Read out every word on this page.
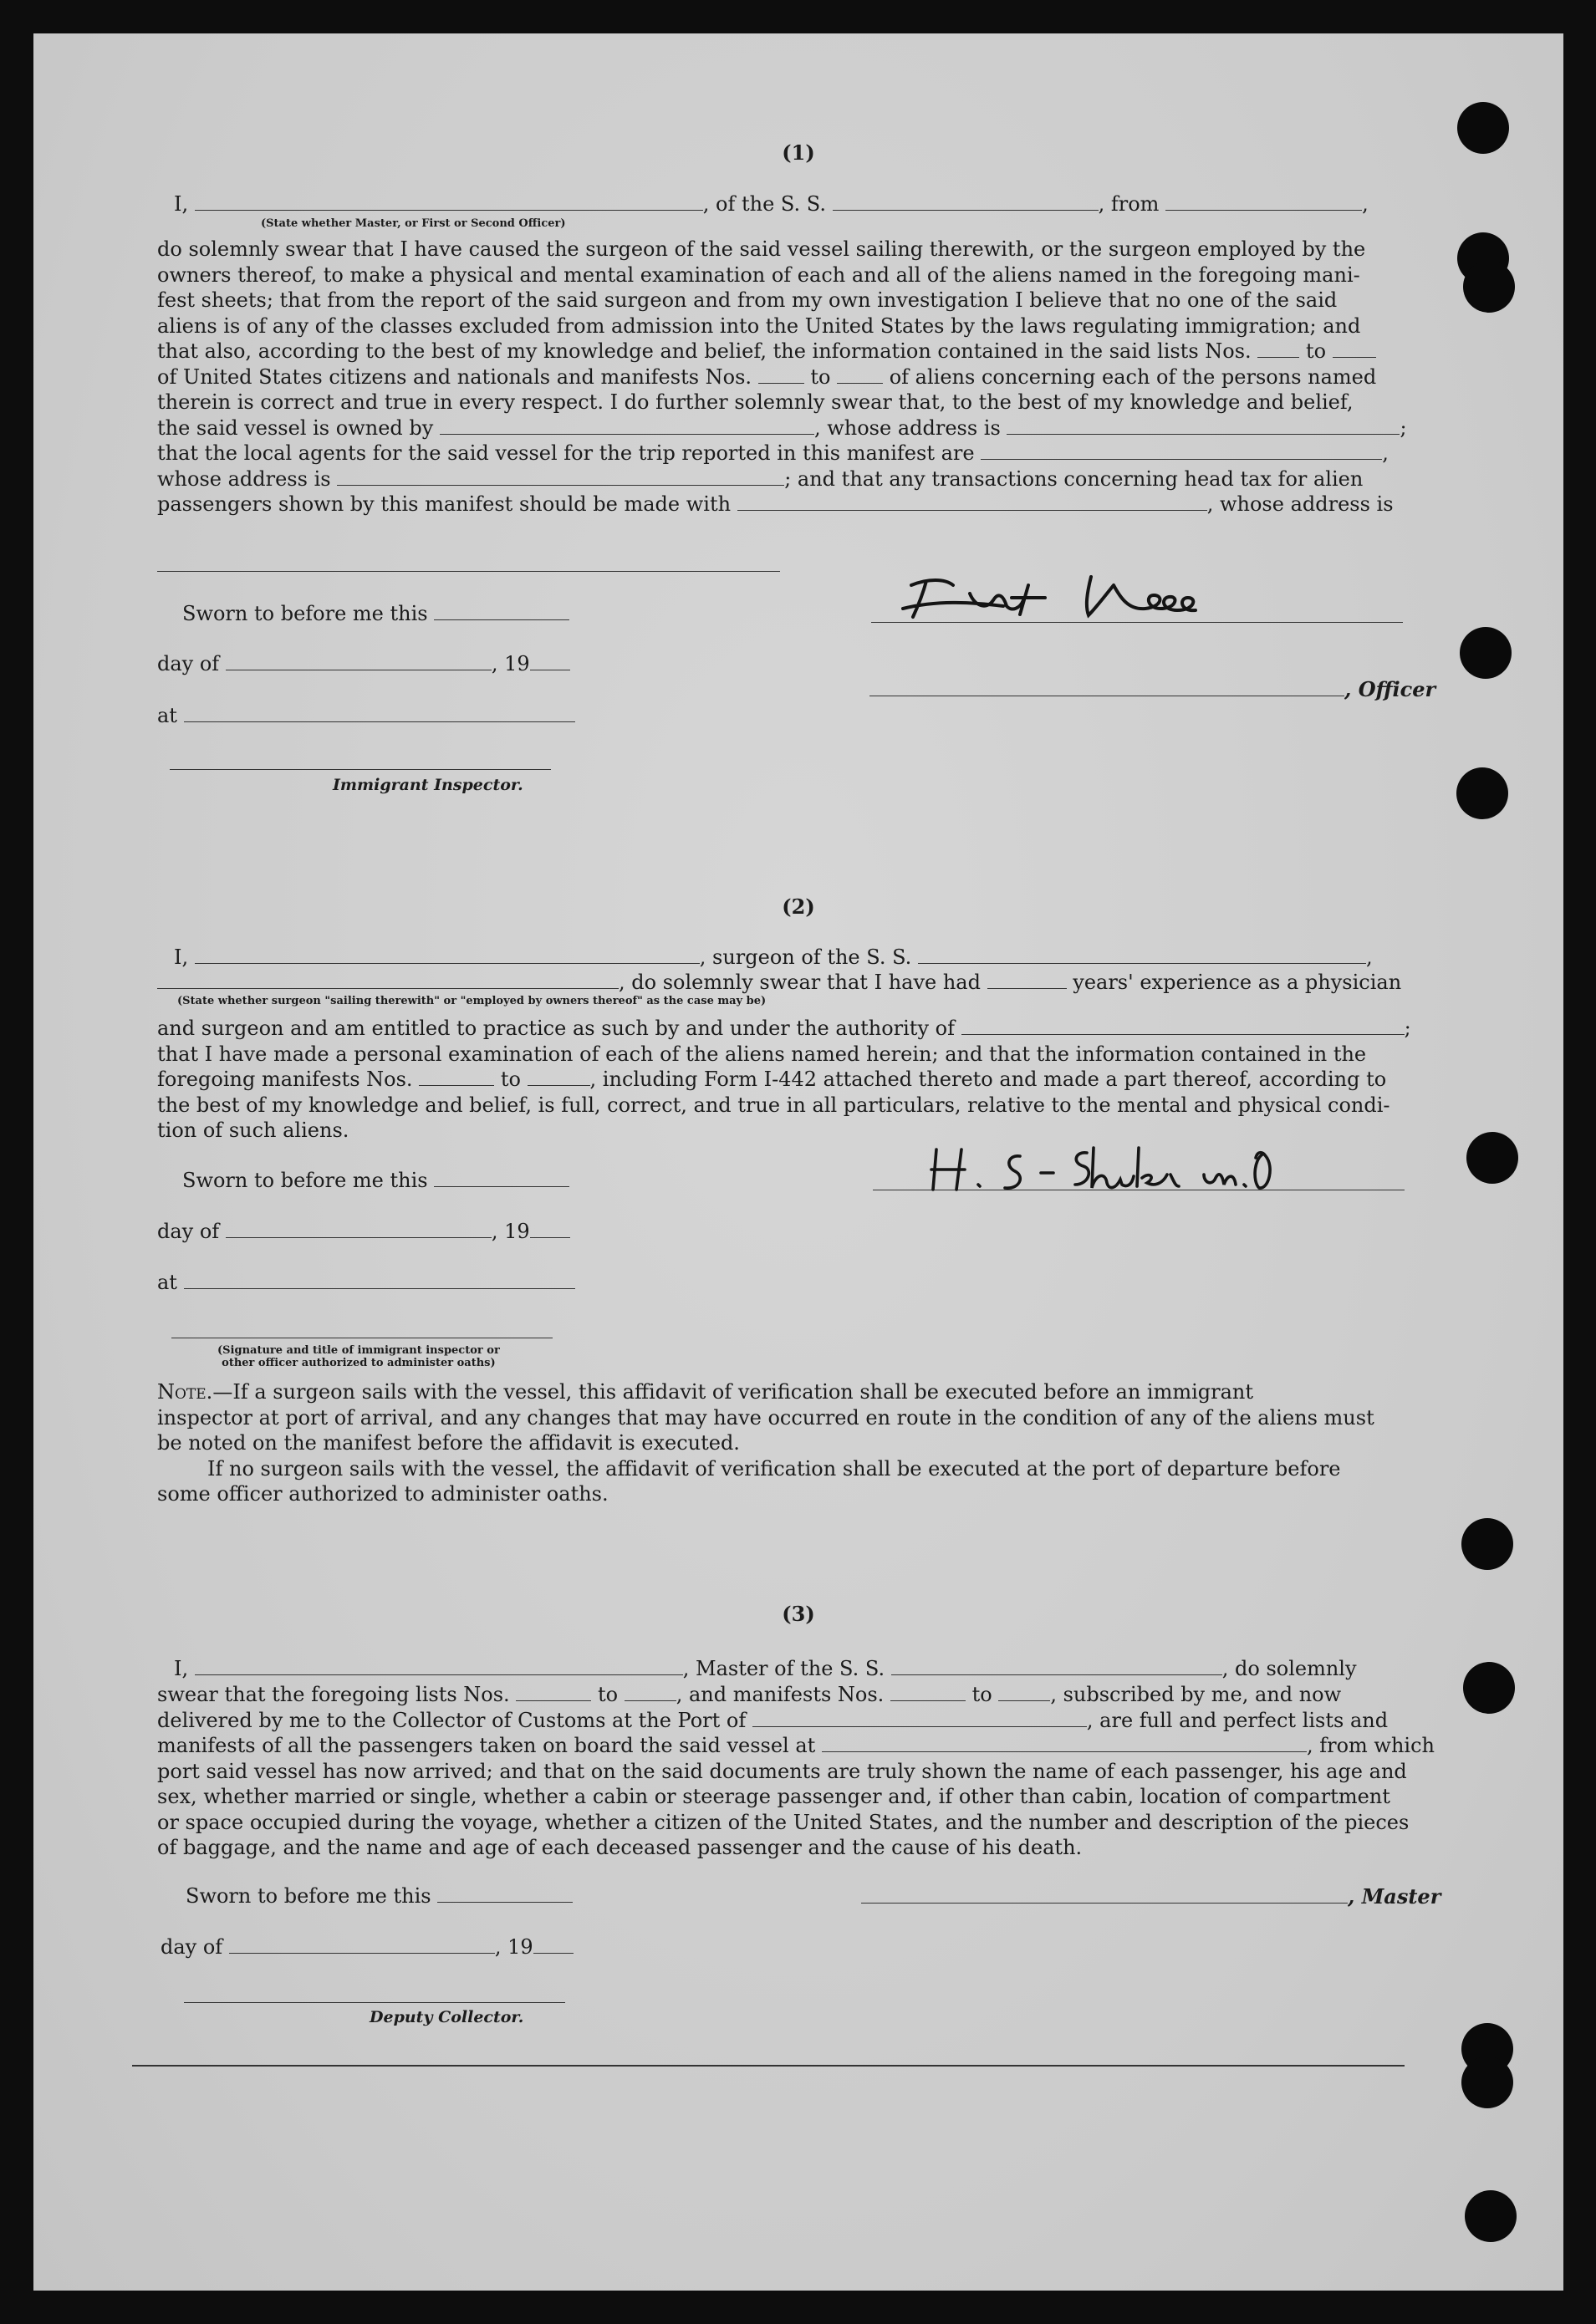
(1)
I,	, of the S. S.	, from	,
(State whether Master, or First or Second Officer)
do solemnly swear that I have caused the surgeon of the said vessel sailing therewith, or the surgeon employed by the
owners thereof, to make a physical and mental examination of each and all of the aliens named in the foregoing mani-
fest sheets; that from the report of the said surgeon and from my own investigation I believe that no one of the said
aliens is of any of the classes excluded from admission into the United States by the laws regulating immigration; and
that also, according to the best of my knowledge and belief, the information contained in the said lists Nos.	to
of United States citizens and nationals and manifests Nos.	to	of aliens concerning each of the persons named
therein is correct and true in every respect. I do further solemnly swear that, to the best of my knowledge and belief,
the said vessel is owned by	, whose address is	;
that the local agents for the said vessel for the trip reported in this manifest are	,
whose address is	; and that any transactions concerning head tax for alien
passengers shown by this manifest should be made with	, whose address is
Sworn to before me this
day of	, 19
at
Immigrant Inspector.
, Officer
(2)
I,	, surgeon of the S. S.	,
, do solemnly swear that I have had	years' experience as a physician
(State whether surgeon "sailing therewith" or "employed by owners thereof" as the case may be)
and surgeon and am entitled to practice as such by and under the authority of	;
that I have made a personal examination of each of the aliens named herein; and that the information contained in the
foregoing manifests Nos.	to	, including Form I-442 attached thereto and made a part thereof, according to
the best of my knowledge and belief, is full, correct, and true in all particulars, relative to the mental and physical condi-
tion of such aliens.
Sworn to before me this
day of	, 19
at
(Signature and title of immigrant inspector or
other officer authorized to administer oaths)
Note.—If a surgeon sails with the vessel, this affidavit of verification shall be executed before an immigrant
inspector at port of arrival, and any changes that may have occurred en route in the condition of any of the aliens must
be noted on the manifest before the affidavit is executed.
If no surgeon sails with the vessel, the affidavit of verification shall be executed at the port of departure before
some officer authorized to administer oaths.
(3)
I,	, Master of the S. S.	, do solemnly
swear that the foregoing lists Nos.	to	, and manifests Nos.	to	, subscribed by me, and now
delivered by me to the Collector of Customs at the Port of	, are full and perfect lists and
manifests of all the passengers taken on board the said vessel at	, from which
port said vessel has now arrived; and that on the said documents are truly shown the name of each passenger, his age and
sex, whether married or single, whether a cabin or steerage passenger and, if other than cabin, location of compartment
or space occupied during the voyage, whether a citizen of the United States, and the number and description of the pieces
of baggage, and the name and age of each deceased passenger and the cause of his death.
Sworn to before me this
day of	, 19
Deputy Collector.
, Master
